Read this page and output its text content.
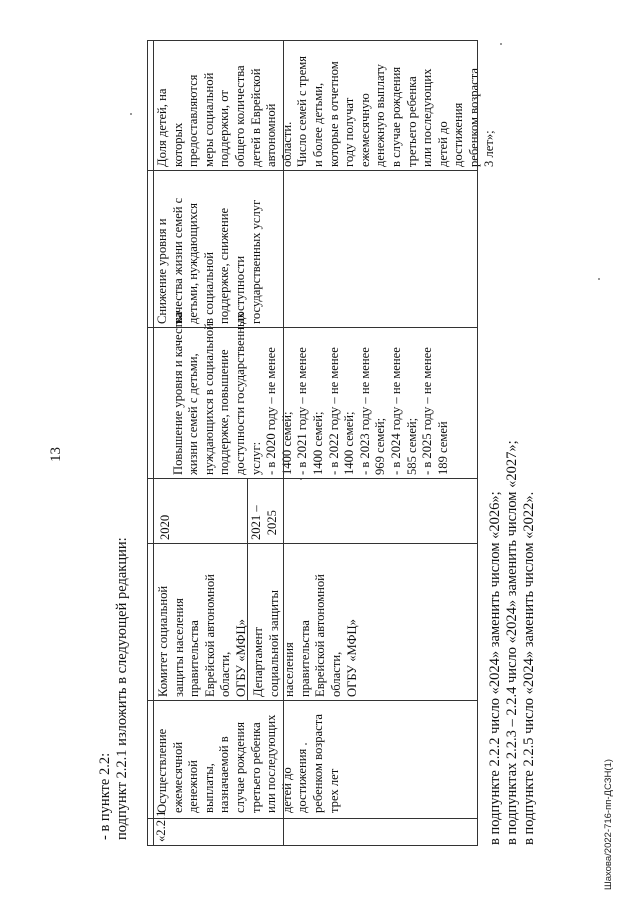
13
- в пункте 2.2: подпункт 2.2.1 изложить в следующей редакции: «2.2.1
Осуществление
ежемесячной
денежной
выплаты,
назначаемой в
случае рождения
третьего ребенка
или последующих
детей до
достижения
ребенком возраста
трех лет
Комитет социальной
защиты населения
правительства
Еврейской автономной
области,
ОГБУ «МФЦ» Департамент
социальной защиты
населения
правительства
Еврейской автономной
области,
ОГБУ «МФЦ»
2020	2021 –
2025

Повышение уровня и качества
жизни семей с детьми,
нуждающихся в социальной
поддержке, повышение
доступности государственных
услуг:
- в 2020 году – не менее
1400 семей;
- в 2021 году – не менее
1400 семей;
- в 2022 году – не менее
1400 семей;
- в 2023 году – не менее
969 семей;
- в 2024 году – не менее
585 семей;
- в 2025 году – не менее
189 семей

Снижение уровня и
качества жизни семей с
детьми, нуждающихся
в социальной
поддержке, снижение
доступности
государственных услуг
Доля детей, на
которых
предоставляются
меры социальной
поддержки, от
общего количества
детей в Еврейской
автономной
области.
Число семей с тремя
и более детьми,
которые в отчетном
году получат
ежемесячную
денежную выплату
в случае рождения
третьего ребенка
или последующих
детей до
достижения
ребенком возраста
3 лет»;
в подпункте 2.2.2 число «2024» заменить числом «2026»; в подпунктах 2.2.3 – 2.2.4 число «2024» заменить числом «2027»; в подпункте 2.2.5 число «2024» заменить числом «2022».	Шахова/2022-716-пп-ДСЗН(1)
